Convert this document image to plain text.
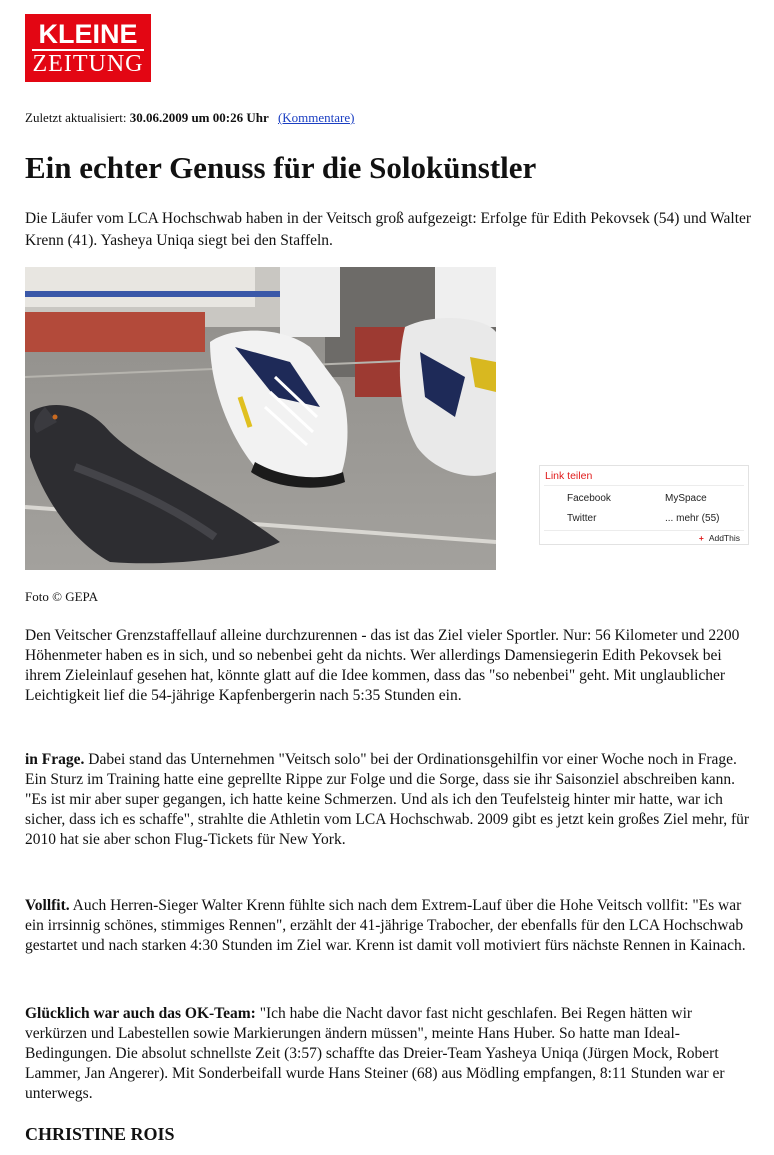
KLEINE
ZEITUNG
Zuletzt aktualisiert: 30.06.2009 um 00:26 Uhr (Kommentare)
Ein echter Genuss für die Solokünstler

Die Läufer vom LCA Hochschwab haben in der Veitsch groß aufgezeigt: Erfolge für Edith Pekovsek (54) und Walter Krenn (41). Yasheya Uniqa siegt bei den Staffeln.

Link teilen
Facebook	MySpace
Twitter	... mehr (55)
+ AddThis
Foto © GEPA

Den Veitscher Grenzstaffellauf alleine durchzurennen - das ist das Ziel vieler Sportler. Nur: 56 Kilometer und 2200 Höhenmeter haben es in sich, und so nebenbei geht da nichts. Wer allerdings Damensiegerin Edith Pekovsek bei ihrem Zieleinlauf gesehen hat, könnte glatt auf die Idee kommen, dass das "so nebenbei" geht. Mit unglaublicher Leichtigkeit lief die 54-jährige Kapfenbergerin nach 5:35 Stunden ein.

in Frage. Dabei stand das Unternehmen "Veitsch solo" bei der Ordinationsgehilfin vor einer Woche noch in Frage. Ein Sturz im Training hatte eine geprellte Rippe zur Folge und die Sorge, dass sie ihr Saisonziel abschreiben kann. "Es ist mir aber super gegangen, ich hatte keine Schmerzen. Und als ich den Teufelsteig hinter mir hatte, war ich sicher, dass ich es schaffe", strahlte die Athletin vom LCA Hochschwab. 2009 gibt es jetzt kein großes Ziel mehr, für 2010 hat sie aber schon Flug-Tickets für New York.

Vollfit. Auch Herren-Sieger Walter Krenn fühlte sich nach dem Extrem-Lauf über die Hohe Veitsch vollfit: "Es war ein irrsinnig schönes, stimmiges Rennen", erzählt der 41-jährige Trabocher, der ebenfalls für den LCA Hochschwab gestartet und nach starken 4:30 Stunden im Ziel war. Krenn ist damit voll motiviert fürs nächste Rennen in Kainach.

Glücklich war auch das OK-Team: "Ich habe die Nacht davor fast nicht geschlafen. Bei Regen hätten wir verkürzen und Labestellen sowie Markierungen ändern müssen", meinte Hans Huber. So hatte man Ideal-Bedingungen. Die absolut schnellste Zeit (3:57) schaffte das Dreier-Team Yasheya Uniqa (Jürgen Mock, Robert Lammer, Jan Angerer). Mit Sonderbeifall wurde Hans Steiner (68) aus Mödling empfangen, 8:11 Stunden war er unterwegs.

CHRISTINE ROIS
